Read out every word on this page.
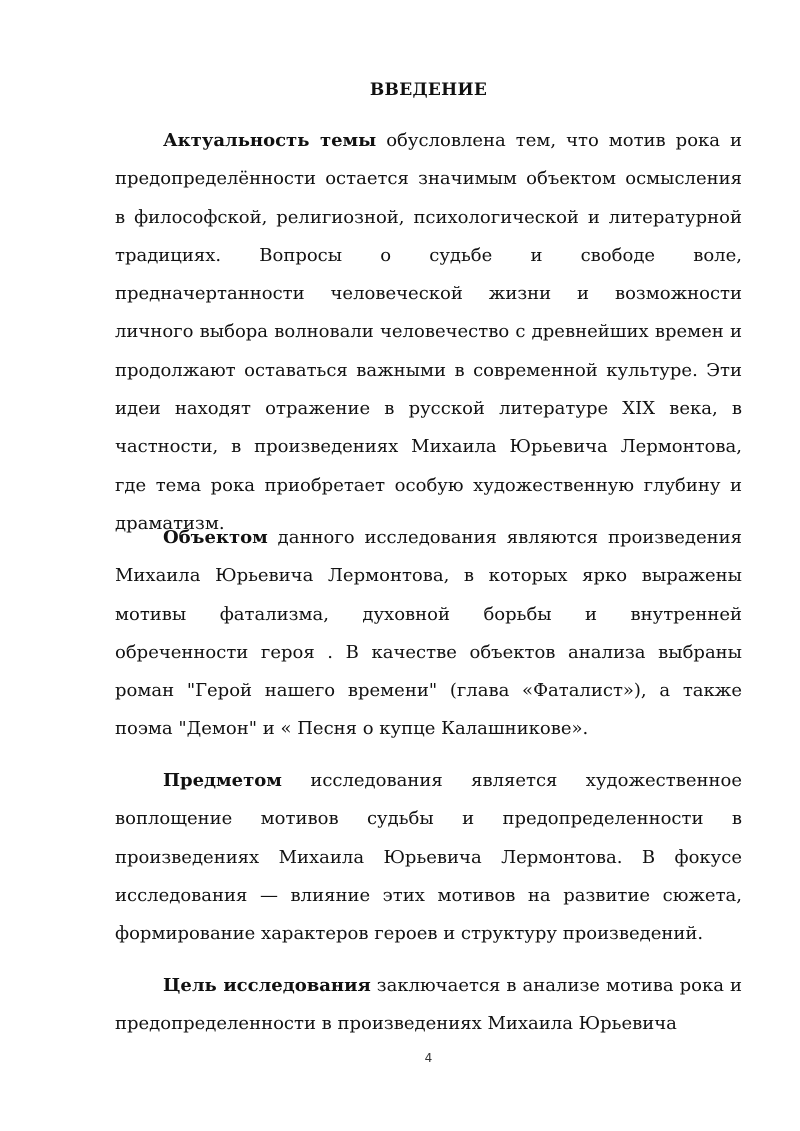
ВВЕДЕНИЕ

Актуальность темы обусловлена тем, что мотив рока и предопределённости остается значимым объектом осмысления в философской, религиозной, психологической и литературной традициях. Вопросы о судьбе и свободе воле, предначертанности человеческой жизни и возможности личного выбора волновали человечество с древнейших времен и продолжают оставаться важными в современной культуре. Эти идеи находят отражение в русской литературе XIX века, в частности, в произведениях Михаила Юрьевича Лермонтова, где тема рока приобретает особую художественную глубину и драматизм.

Объектом данного исследования являются произведения Михаила Юрьевича Лермонтова, в которых ярко выражены мотивы фатализма, духовной борьбы и внутренней обреченности героя . В качестве объектов анализа выбраны роман "Герой нашего времени" (глава «Фаталист»), а также поэма "Демон" и « Песня о купце Калашникове».

Предметом исследования является художественное воплощение мотивов судьбы и предопределенности в произведениях Михаила Юрьевича Лермонтова. В фокусе исследования — влияние этих мотивов на развитие сюжета, формирование характеров героев и структуру произведений.

Цель исследования заключается в анализе мотива рока и предопределенности в произведениях Михаила Юрьевича

4
